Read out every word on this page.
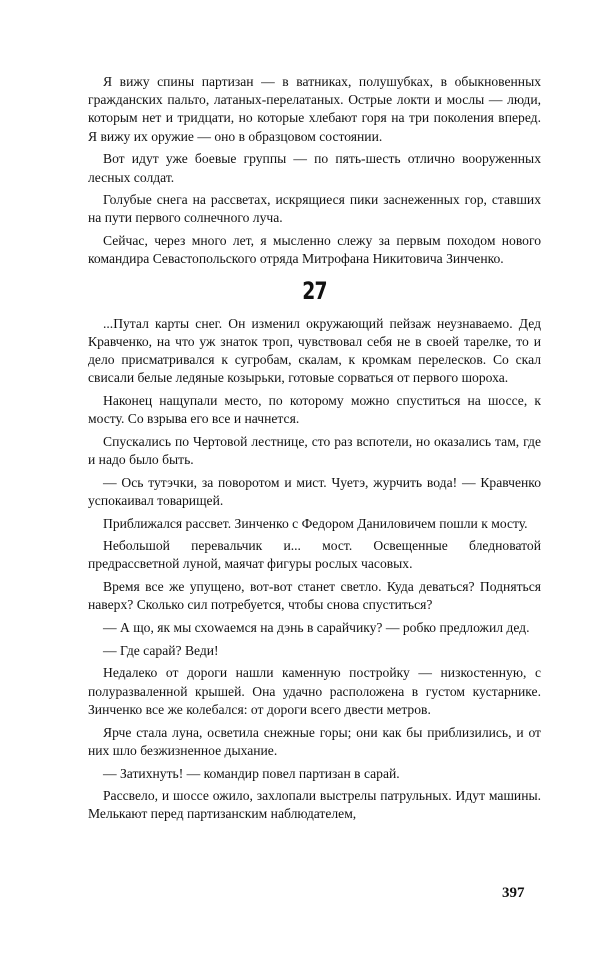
Я вижу спины партизан — в ватниках, полушубках, в обыкновенных гражданских пальто, латаных-перелатаных. Острые локти и мослы — люди, которым нет и тридцати, но которые хлебают горя на три поколения вперед. Я вижу их оружие — оно в образцовом состоянии.

Вот идут уже боевые группы — по пять-шесть отлично вооруженных лесных солдат.

Голубые снега на рассветах, искрящиеся пики заснеженных гор, ставших на пути первого солнечного луча.

Сейчас, через много лет, я мысленно слежу за первым походом нового командира Севастопольского отряда Митрофана Никитовича Зинченко.

27

...Путал карты снег. Он изменил окружающий пейзаж неузнаваемо. Дед Кравченко, на что уж знаток троп, чувствовал себя не в своей тарелке, то и дело присматривался к сугробам, скалам, к кромкам перелесков. Со скал свисали белые ледяные козырьки, готовые сорваться от первого шороха.

Наконец нащупали место, по которому можно спуститься на шоссе, к мосту. Со взрыва его все и начнется.

Спускались по Чертовой лестнице, сто раз вспотели, но оказались там, где и надо было быть.

— Ось тутэчки, за поворотом и мист. Чуетэ, журчить вода! — Кравченко успокаивал товарищей.

Приближался рассвет. Зинченко с Федором Даниловичем пошли к мосту.

Небольшой перевальчик и... мост. Освещенные бледноватой предрассветной луной, маячат фигуры рослых часовых.

Время все же упущено, вот-вот станет светло. Куда деваться? Подняться наверх? Сколько сил потребуется, чтобы снова спуститься?

— А що, як мы схowаемся на дэнь в сарайчику? — робко предложил дед.

— Где сарай? Веди!

Недалеко от дороги нашли каменную постройку — низкостенную, с полуразваленной крышей. Она удачно расположена в густом кустарнике. Зинченко все же колебался: от дороги всего двести метров.

Ярче стала луна, осветила снежные горы; они как бы приблизились, и от них шло безжизненное дыхание.

— Затихнуть! — командир повел партизан в сарай.

Рассвело, и шоссе ожило, захлопали выстрелы патрульных. Идут машины. Мелькают перед партизанским наблюдателем,

397
